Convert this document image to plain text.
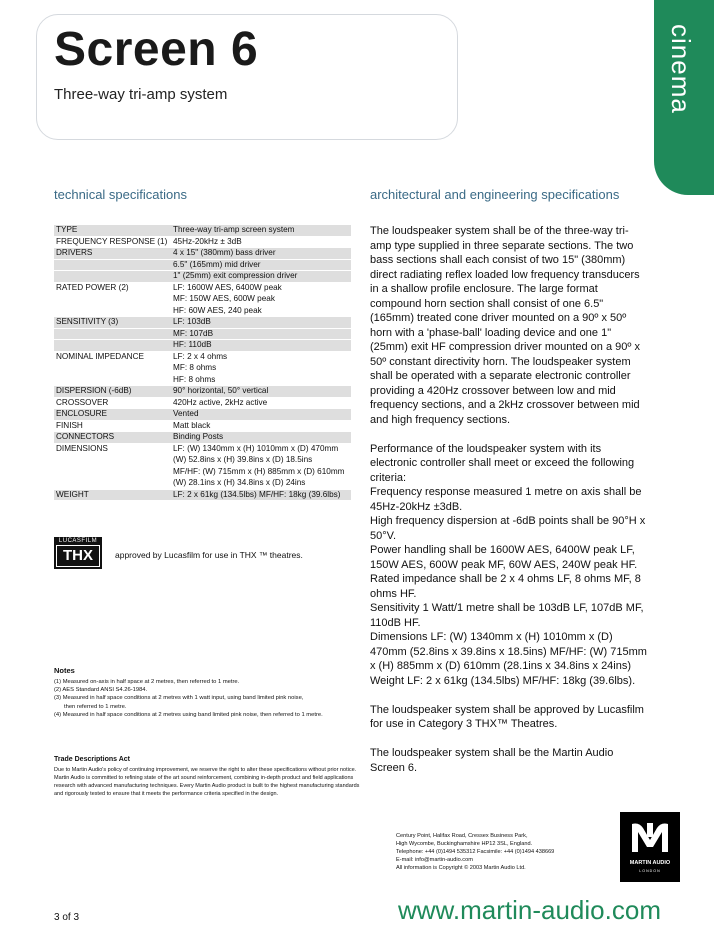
Screen 6
Three-way tri-amp system	cinema
technical specifications	architectural and engineering specifications
TYPE	Three-way tri-amp screen system
FREQUENCY RESPONSE (1) 45Hz-20kHz ± 3dB
DRIVERS	4 x 15" (380mm) bass driver
6.5" (165mm) mid driver
1" (25mm) exit compression driver
RATED POWER (2)	LF: 1600W AES, 6400W peak
MF: 150W AES, 600W peak
HF: 60W AES, 240 peak
SENSITIVITY (3)	LF: 103dB
MF: 107dB
HF: 110dB
NOMINAL IMPEDANCE	LF: 2 x 4 ohms
MF: 8 ohms
HF: 8 ohms
DISPERSION (-6dB)	90° horizontal, 50° vertical
CROSSOVER	420Hz active, 2kHz active
ENCLOSURE	Vented
FINISH	Matt black
CONNECTORS	Binding Posts
DIMENSIONS	LF: (W) 1340mm x (H) 1010mm x (D) 470mm
(W) 52.8ins x (H) 39.8ins x (D) 18.5ins
MF/HF: (W) 715mm x (H) 885mm x (D) 610mm
(W) 28.1ins x (H) 34.8ins x (D) 24ins
WEIGHT	LF: 2 x 61kg (134.5lbs) MF/HF: 18kg (39.6lbs)
LUCASFILM
THX	approved by Lucasfilm for use in THX ™ theatres.
Notes
(1) Measured on-axis in half space at 2 metres, then referred to 1 metre.
(2) AES Standard ANSI S4.26-1984.
(3) Measured in half space conditions at 2 metres with 1 watt input, using band limited pink noise,
then referred to 1 metre.
(4) Measured in half space conditions at 2 metres using band limited pink noise, then referred to 1 metre.
Trade Descriptions Act
Due to Martin Audio's policy of continuing improvement, we reserve the right to alter these specifications without prior notice.
Martin Audio is committed to refining state of the art sound reinforcement, combining in-depth product and field applications
research with advanced manufacturing techniques. Every Martin Audio product is built to the highest manufacturing standards
and rigorously tested to ensure that it meets the performance criteria specified in the design.
3 of 3

The loudspeaker system shall be of the three-way tri-amp type supplied in three separate sections. The two bass sections shall each consist of two 15" (380mm) direct radiating reflex loaded low frequency transducers in a shallow profile enclosure. The large format compound horn section shall consist of one 6.5" (165mm) treated cone driver mounted on a 90º x 50º horn with a 'phase-ball' loading device and one 1" (25mm) exit HF compression driver mounted on a 90º x 50º constant directivity horn. The loudspeaker system shall be operated with a separate electronic controller providing a 420Hz crossover between low and mid frequency sections, and a 2kHz crossover between mid and high frequency sections.

Performance of the loudspeaker system with its electronic controller shall meet or exceed the following criteria:
Frequency response measured 1 metre on axis shall be 45Hz-20kHz ±3dB.
High frequency dispersion at -6dB points shall be 90°H x 50°V.
Power handling shall be 1600W AES, 6400W peak LF, 150W AES, 600W peak MF, 60W AES, 240W peak HF.
Rated impedance shall be 2 x 4 ohms LF, 8 ohms MF, 8 ohms HF.
Sensitivity 1 Watt/1 metre shall be 103dB LF, 107dB MF, 110dB HF.
Dimensions LF: (W) 1340mm x (H) 1010mm x (D) 470mm (52.8ins x 39.8ins x 18.5ins) MF/HF: (W) 715mm x (H) 885mm x (D) 610mm (28.1ins x 34.8ins x 24ins)
Weight LF: 2 x 61kg (134.5lbs) MF/HF: 18kg (39.6lbs).

The loudspeaker system shall be approved by Lucasfilm for use in Category 3 THX™ Theatres.

The loudspeaker system shall be the Martin Audio Screen 6.

Century Point, Halifax Road, Cressex Business Park,
High Wycombe, Buckinghamshire HP12 3SL, England.
Telephone: +44 (0)1494 535312 Facsimile: +44 (0)1494 438669
E-mail: info@martin-audio.com
All information is Copyright © 2003 Martin Audio Ltd.
MARTIN AUDIO
LONDON
www.martin-audio.com
